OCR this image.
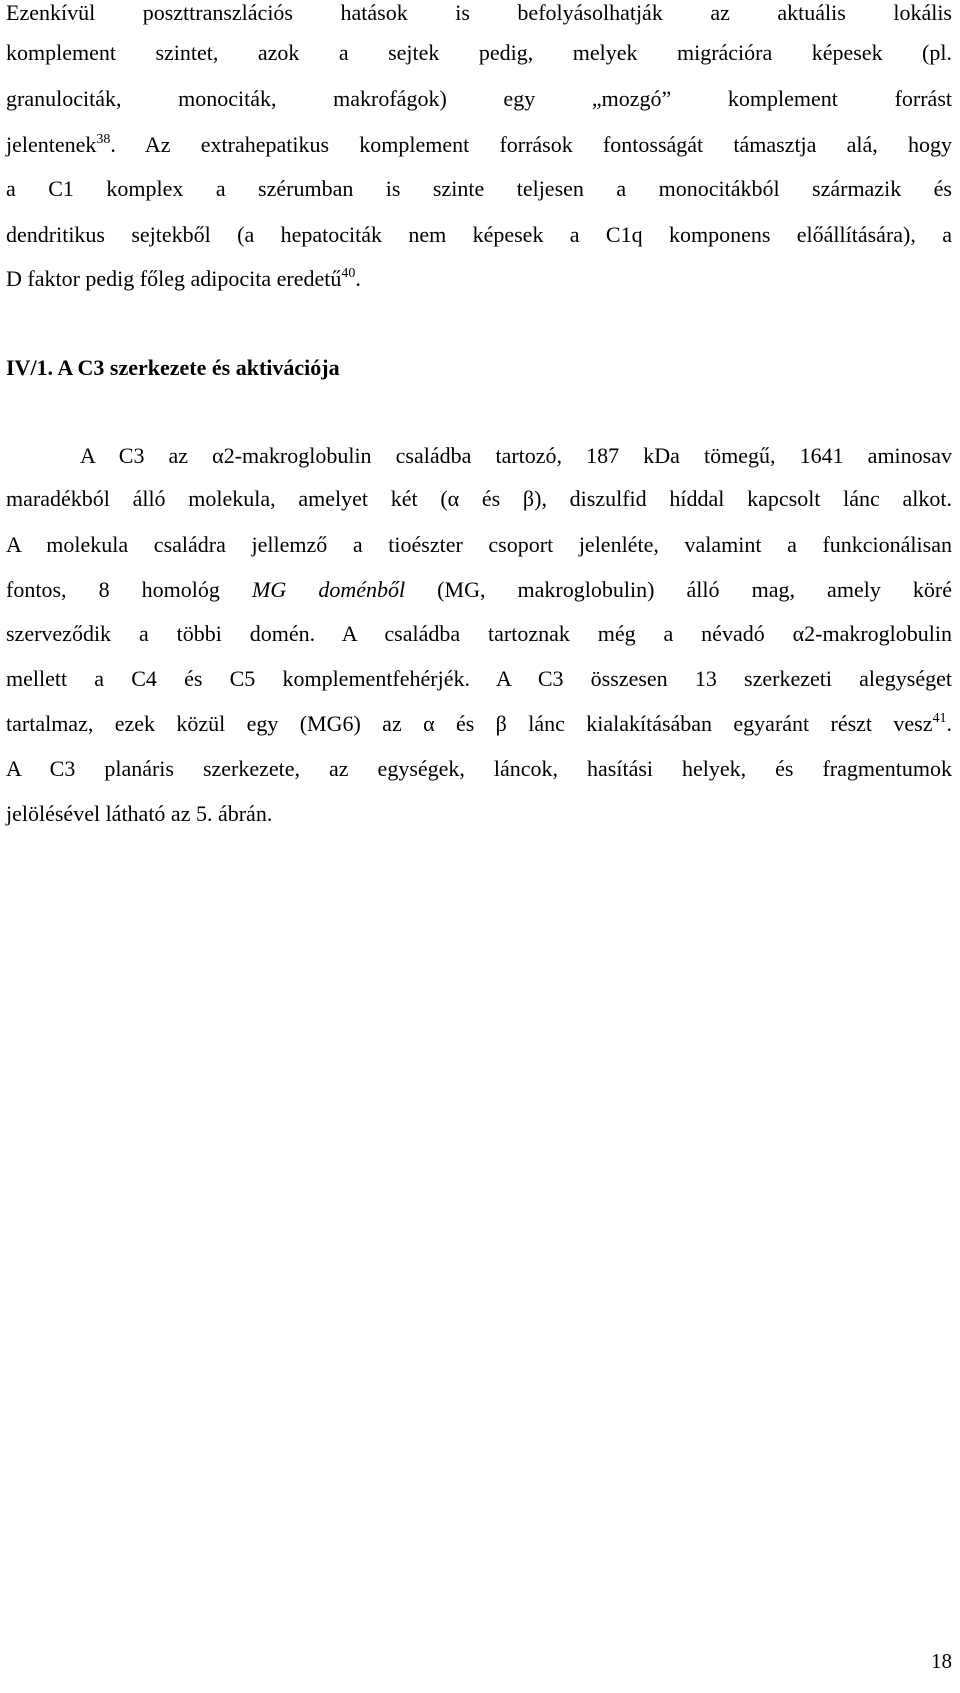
Ezenkívül poszttranszlációs hatások is befolyásolhatják az aktuális lokális
komplement szintet, azok a sejtek pedig, melyek migrációra képesek (pl.
granulociták, monociták, makrofágok) egy „mozgó” komplement forrást
jelentenek$^{38}$. Az extrahepatikus komplement források fontosságát támasztja alá, hogy
a C1 komplex a szérumban is szinte teljesen a monocitákból származik és
dendritikus sejtekből (a hepatociták nem képesek a C1q komponens előállítására), a
D faktor pedig főleg adipocita eredetű$^{40}$.
IV/1. A C3 szerkezete és aktivációja
A C3 az α2-makroglobulin családba tartozó, 187 kDa tömegű, 1641 aminosav
maradékból álló molekula, amelyet két (α és β), diszulfid híddal kapcsolt lánc alkot.
A molekula családra jellemző a tioészter csoport jelenléte, valamint a funkcionálisan
fontos, 8 homológ MG doménből (MG, makroglobulin) álló mag, amely köré
szerveződik a többi domén. A családba tartoznak még a névadó α2-makroglobulin
mellett a C4 és C5 komplementfehérjék. A C3 összesen 13 szerkezeti alegységet
tartalmaz, ezek közül egy (MG6) az α és β lánc kialakításában egyaránt részt vesz$^{41}$.
A C3 planáris szerkezete, az egységek, láncok, hasítási helyek, és fragmentumok
jelölésével látható az 5. ábrán.
18
